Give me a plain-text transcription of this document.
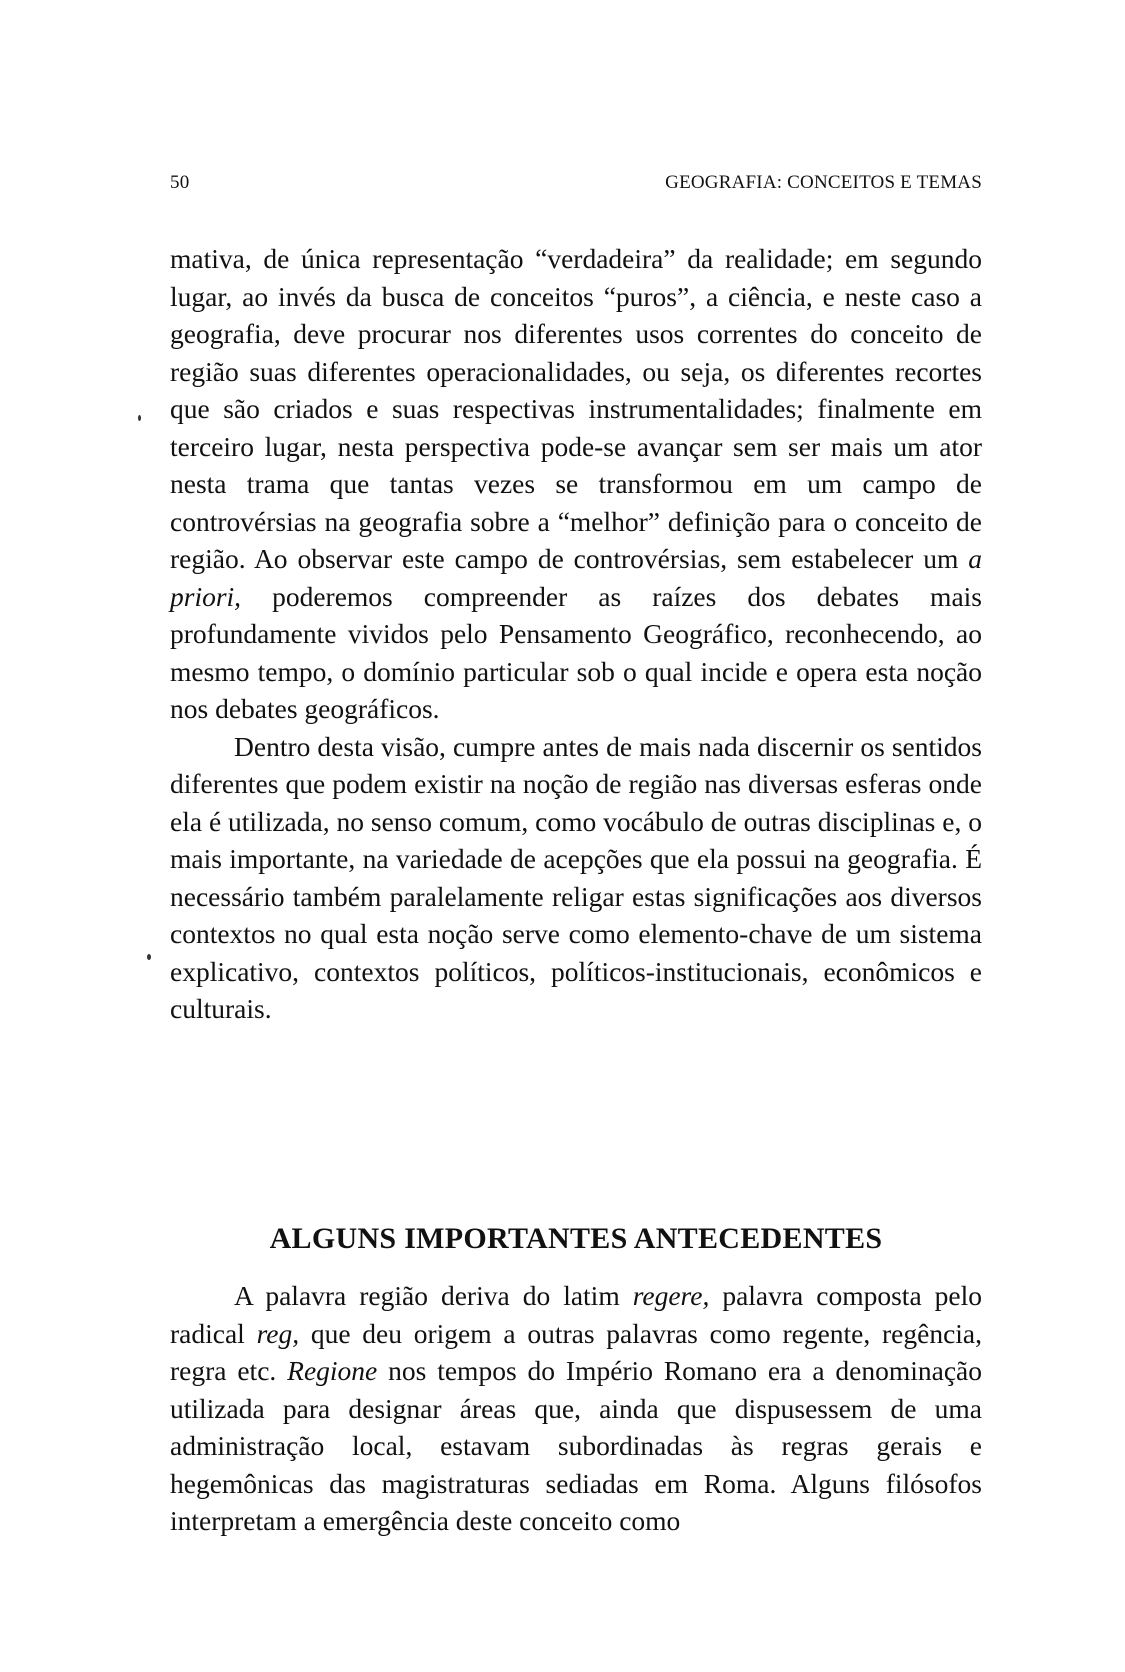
50	GEOGRAFIA: CONCEITOS E TEMAS

mativa, de única representação “verdadeira” da realidade; em segundo lugar, ao invés da busca de conceitos “puros”, a ciência, e neste caso a geografia, deve procurar nos diferentes usos correntes do conceito de região suas diferentes operacionalidades, ou seja, os diferentes recortes que são criados e suas respectivas instrumentalidades; finalmente em terceiro lugar, nesta perspectiva pode-se avançar sem ser mais um ator nesta trama que tantas vezes se transformou em um campo de controvérsias na geografia sobre a “melhor” definição para o conceito de região. Ao observar este campo de controvérsias, sem estabelecer um a priori, poderemos compreender as raízes dos debates mais profundamente vividos pelo Pensamento Geográfico, reconhecendo, ao mesmo tempo, o domínio particular sob o qual incide e opera esta noção nos debates geográficos.

Dentro desta visão, cumpre antes de mais nada discernir os sentidos diferentes que podem existir na noção de região nas diversas esferas onde ela é utilizada, no senso comum, como vocábulo de outras disciplinas e, o mais importante, na variedade de acepções que ela possui na geografia. É necessário também paralelamente religar estas significações aos diversos contextos no qual esta noção serve como elemento-chave de um sistema explicativo, contextos políticos, políticos-institucionais, econômicos e culturais.

ALGUNS IMPORTANTES ANTECEDENTES

A palavra região deriva do latim regere, palavra composta pelo radical reg, que deu origem a outras palavras como regente, regência, regra etc. Regione nos tempos do Império Romano era a denominação utilizada para designar áreas que, ainda que dispusessem de uma administração local, estavam subordinadas às regras gerais e hegemônicas das magistraturas sediadas em Roma. Alguns filósofos interpretam a emergência deste conceito como
